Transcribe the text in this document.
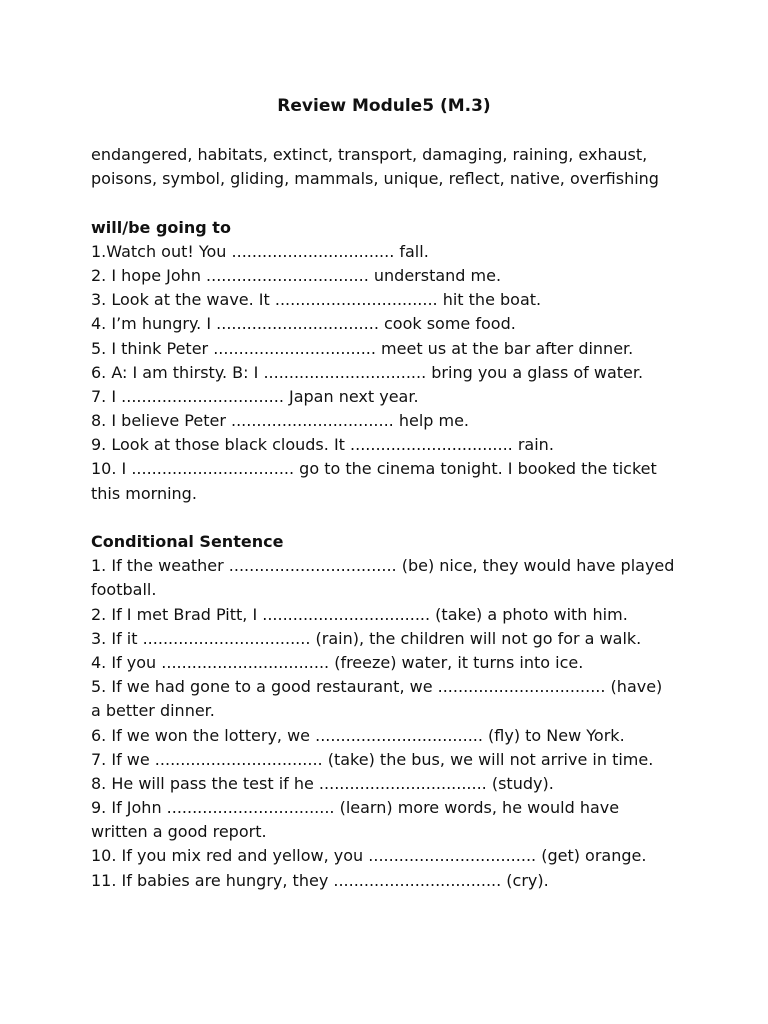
Review Module5 (M.3)
endangered, habitats, extinct, transport, damaging, raining, exhaust,
poisons, symbol, gliding, mammals, unique, reflect, native, overfishing
will/be going to
1.Watch out! You ................................ fall.
2. I hope John ................................ understand me.
3. Look at the wave. It ................................ hit the boat.
4. I’m hungry. I ................................ cook some food.
5. I think Peter ................................ meet us at the bar after dinner.
6. A: I am thirsty. B: I ................................ bring you a glass of water.
7. I ................................ Japan next year.
8. I believe Peter ................................ help me.
9. Look at those black clouds. It ................................ rain.
10. I ................................ go to the cinema tonight. I booked the ticket
this morning.
Conditional Sentence
1. If the weather ................................. (be) nice, they would have played
football.
2. If I met Brad Pitt, I ................................. (take) a photo with him.
3. If it ................................. (rain), the children will not go for a walk.
4. If you ................................. (freeze) water, it turns into ice.
5. If we had gone to a good restaurant, we ................................. (have)
a better dinner.
6. If we won the lottery, we ................................. (fly) to New York.
7. If we ................................. (take) the bus, we will not arrive in time.
8. He will pass the test if he ................................. (study).
9. If John ................................. (learn) more words, he would have
written a good report.
10. If you mix red and yellow, you ................................. (get) orange.
11. If babies are hungry, they ................................. (cry).
